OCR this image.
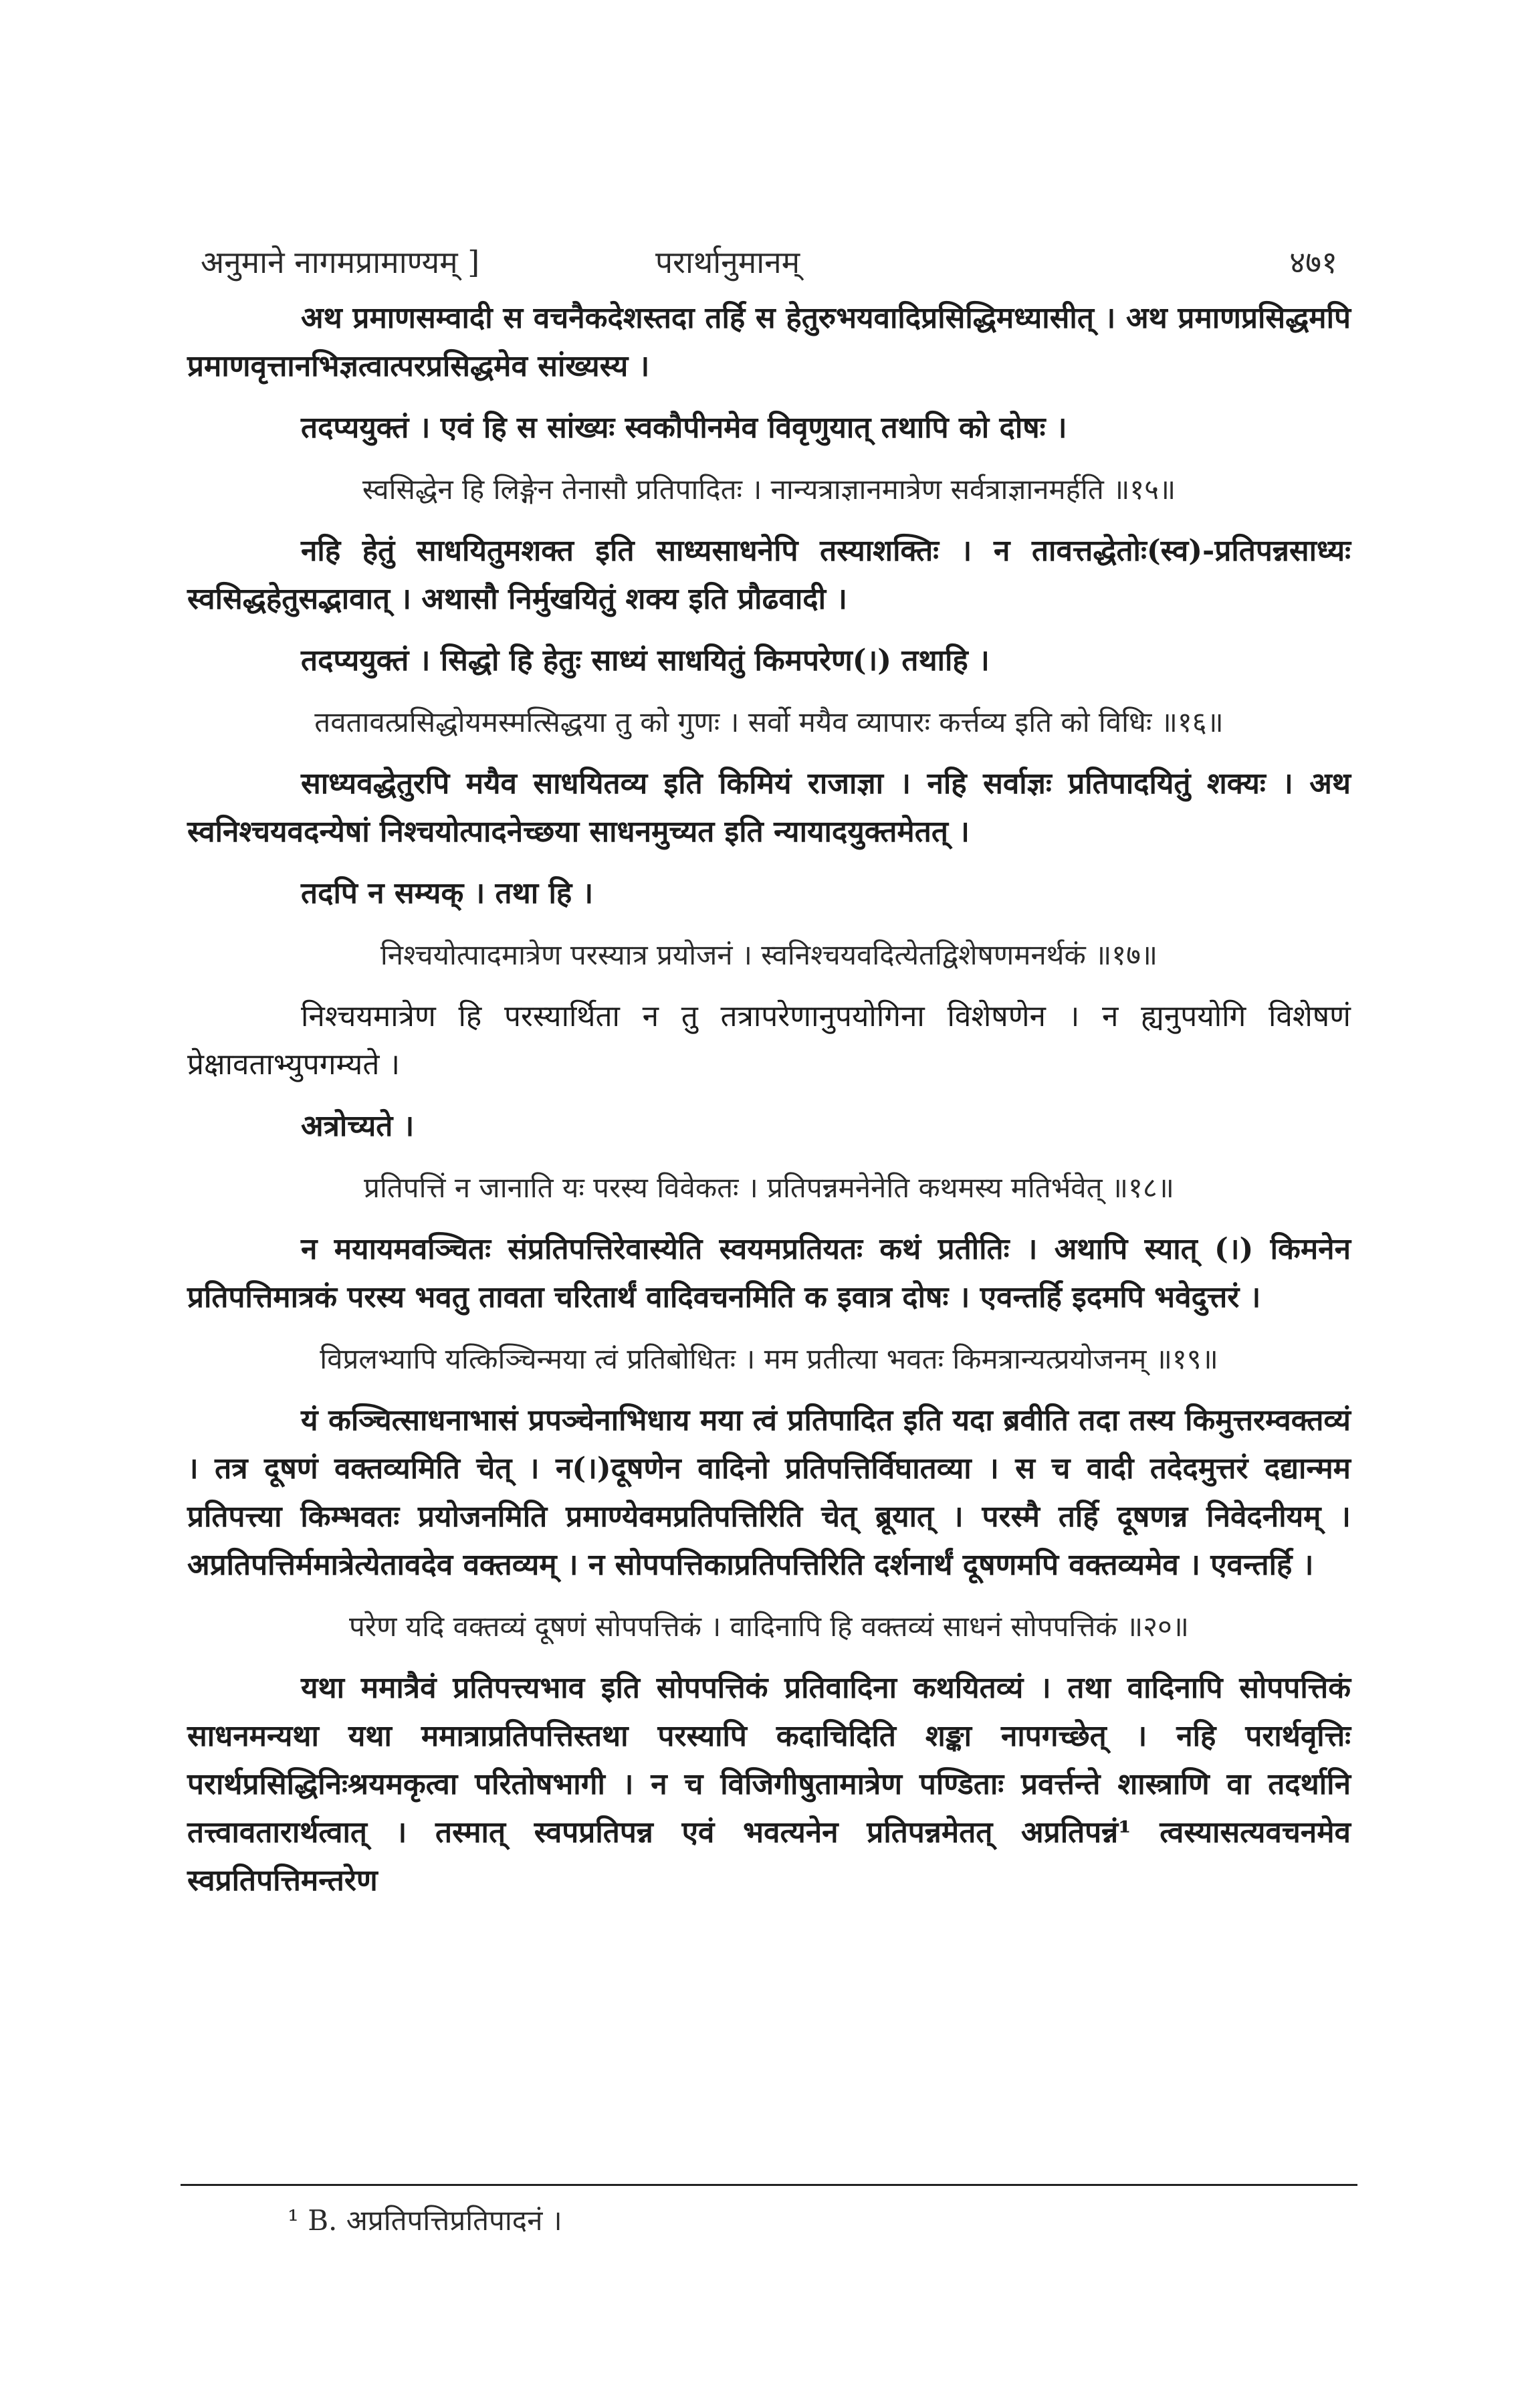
अनुमाने नागमप्रामाण्यम् ]	परार्थानुमानम्	४७१

अथ प्रमाणसम्वादी स वचनैकदेशस्तदा तर्हि स हेतुरुभयवादिप्रसिद्धिमध्यासीत् । अथ प्रमाणप्रसिद्धमपि प्रमाणवृत्तानभिज्ञत्वात्परप्रसिद्धमेव सांख्यस्य ।

तदप्ययुक्तं । एवं हि स सांख्यः स्वकौपीनमेव विवृणुयात् तथापि को दोषः ।

स्वसिद्धेन हि लिङ्गेन तेनासौ प्रतिपादितः । नान्यत्राज्ञानमात्रेण सर्वत्राज्ञानमर्हति ॥१५॥

नहि हेतुं साधयितुमशक्त इति साध्यसाधनेपि तस्याशक्तिः । न तावत्तद्धेतोः(स्व)-प्रतिपन्नसाध्यः स्वसिद्धहेतुसद्भावात् । अथासौ निर्मुखयितुं शक्य इति प्रौढवादी ।

तदप्ययुक्तं । सिद्धो हि हेतुः साध्यं साधयितुं किमपरेण(।) तथाहि ।

तवतावत्प्रसिद्धोयमस्मत्सिद्धया तु को गुणः । सर्वो मयैव व्यापारः कर्त्तव्य इति को विधिः ॥१६॥

साध्यवद्धेतुरपि मयैव साधयितव्य इति किमियं राजाज्ञा । नहि सर्वाज्ञः प्रतिपादयितुं शक्यः । अथ स्वनिश्चयवदन्येषां निश्चयोत्पादनेच्छया साधनमुच्यत इति न्यायादयुक्तमेतत् ।

तदपि न सम्यक् । तथा हि ।

निश्चयोत्पादमात्रेण परस्यात्र प्रयोजनं । स्वनिश्चयवदित्येतद्विशेषणमनर्थकं ॥१७॥

निश्चयमात्रेण हि परस्यार्थिता न तु तत्रापरेणानुपयोगिना विशेषणेन । न ह्यनुपयोगि विशेषणं प्रेक्षावताभ्युपगम्यते ।

अत्रोच्यते ।

प्रतिपत्तिं न जानाति यः परस्य विवेकतः । प्रतिपन्नमनेनेति कथमस्य मतिर्भवेत् ॥१८॥

न मयायमवञ्चितः संप्रतिपत्तिरेवास्येति स्वयमप्रतियतः कथं प्रतीतिः । अथापि स्यात् (।) किमनेन प्रतिपत्तिमात्रकं परस्य भवतु तावता चरितार्थं वादिवचनमिति क इवात्र दोषः । एवन्तर्हि इदमपि भवेदुत्तरं ।

विप्रलभ्यापि यत्किञ्चिन्मया त्वं प्रतिबोधितः । मम प्रतीत्या भवतः किमत्रान्यत्प्रयोजनम् ॥१९॥

यं कञ्चित्साधनाभासं प्रपञ्चेनाभिधाय मया त्वं प्रतिपादित इति यदा ब्रवीति तदा तस्य किमुत्तरम्वक्तव्यं । तत्र दूषणं वक्तव्यमिति चेत् । न(।)दूषणेन वादिनो प्रतिपत्तिर्विघातव्या । स च वादी तदेदमुत्तरं दद्यान्मम प्रतिपत्त्या किम्भवतः प्रयोजनमिति प्रमाण्येवमप्रतिपत्तिरिति चेत् ब्रूयात् । परस्मै तर्हि दूषणन्न निवेदनीयम् । अप्रतिपत्तिर्ममात्रेत्येतावदेव वक्तव्यम् । न सोपपत्तिकाप्रतिपत्तिरिति दर्शनार्थं दूषणमपि वक्तव्यमेव । एवन्तर्हि ।

परेण यदि वक्तव्यं दूषणं सोपपत्तिकं । वादिनापि हि वक्तव्यं साधनं सोपपत्तिकं ॥२०॥

यथा ममात्रैवं प्रतिपत्त्यभाव इति सोपपत्तिकं प्रतिवादिना कथयितव्यं । तथा वादिनापि सोपपत्तिकं साधनमन्यथा यथा ममात्राप्रतिपत्तिस्तथा परस्यापि कदाचिदिति शङ्का नापगच्छेत् । नहि परार्थवृत्तिः परार्थप्रसिद्धिनिःश्रयमकृत्वा परितोषभागी । न च विजिगीषुतामात्रेण पण्डिताः प्रवर्त्तन्ते शास्त्राणि वा तदर्थानि तत्त्वावतारार्थत्वात् । तस्मात् स्वपप्रतिपन्न एवं भवत्यनेन प्रतिपन्नमेतत् अप्रतिपन्नं¹ त्वस्यासत्यवचनमेव स्वप्रतिपत्तिमन्तरेण

¹ B. अप्रतिपत्तिप्रतिपादनं ।
